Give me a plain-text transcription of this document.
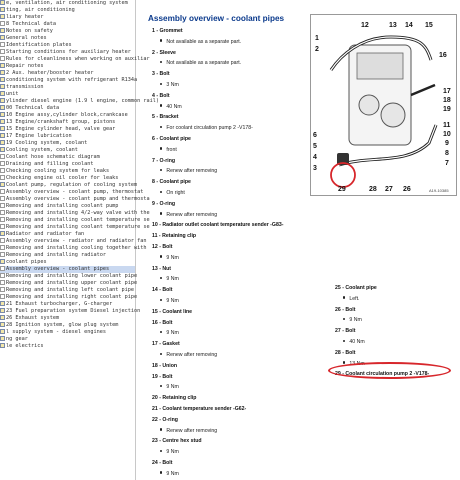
e, ventilation, air conditioning system
ting, air conditioning
liary heater
8 Technical data
Notes on safety
General notes
Identification plates
Starting conditions for auxiliary heater
Rules for cleanliness when working on auxiliar
Repair notes
2 Aux. heater/booster heater
conditioning system with refrigerant R134a
transmission
unit
ylinder diesel engine (1.9 l engine, common rail)
00 Technical data
10 Engine assy,cylinder block,crankcase
13 Engine/crankshaft group, pistons
15 Engine cylinder head, valve gear
17 Engine lubrication
19 Cooling system, coolant
Cooling system, coolant
Coolant hose schematic diagram
Draining and filling coolant
Checking cooling system for leaks
Checking engine oil cooler for leaks
Coolant pump, regulation of cooling system
Assembly overview - coolant pump, thermostat
Assembly overview - coolant pump and thermosta
Removing and installing coolant pump
Removing and installing 4/2-way valve with the
Removing and installing coolant temperature se
Removing and installing coolant temperature se
Radiator and radiator fan
Assembly overview - radiator and radiator fan
Removing and installing cooling together with
Removing and installing radiator
coolant pipes
Assembly overview - coolant pipes
Removing and installing lower coolant pipe
Removing and installing upper coolant pipe
Removing and installing left coolant pipe
Removing and installing right coolant pipe
21 Exhaust turbocharger, G-charger
23 Fuel preparation system Diesel injection
26 Exhaust system
28 Ignition system, glow plug system
l supply system - diesel engines
ng gear
le electrics
Assembly overview - coolant pipes
1
2
12	13 14 15
16
17
18
19
11
10
9
8
7
6
5
4
3
29	28 27 26	A19-10385
1 - Grommet
Not available as a separate part.
2 - Sleeve
Not available as a separate part.
3 - Bolt
3 Nm
4 - Bolt
40 Nm
5 - Bracket
For coolant circulation pump 2 -V178-
6 - Coolant pipe
front
7 - O-ring
Renew after removing
8 - Coolant pipe
On right
9 - O-ring
Renew after removing
10 - Radiator outlet coolant temperature sender -G83-
11 - Retaining clip
12 - Bolt
9 Nm
13 - Nut
9 Nm
14 - Bolt
9 Nm
15 - Coolant line
16 - Bolt
9 Nm
17 - Gasket
Renew after removing
18 - Union
19 - Bolt
9 Nm
20 - Retaining clip
21 - Coolant temperature sender -G62-
22 - O-ring
Renew after removing
23 - Centre hex stud
9 Nm
24 - Bolt
9 Nm
25 - Coolant pipe
Left.
26 - Bolt
9 Nm
27 - Bolt
40 Nm
28 - Bolt
13 Nm
29 - Coolant circulation pump 2 -V178-
